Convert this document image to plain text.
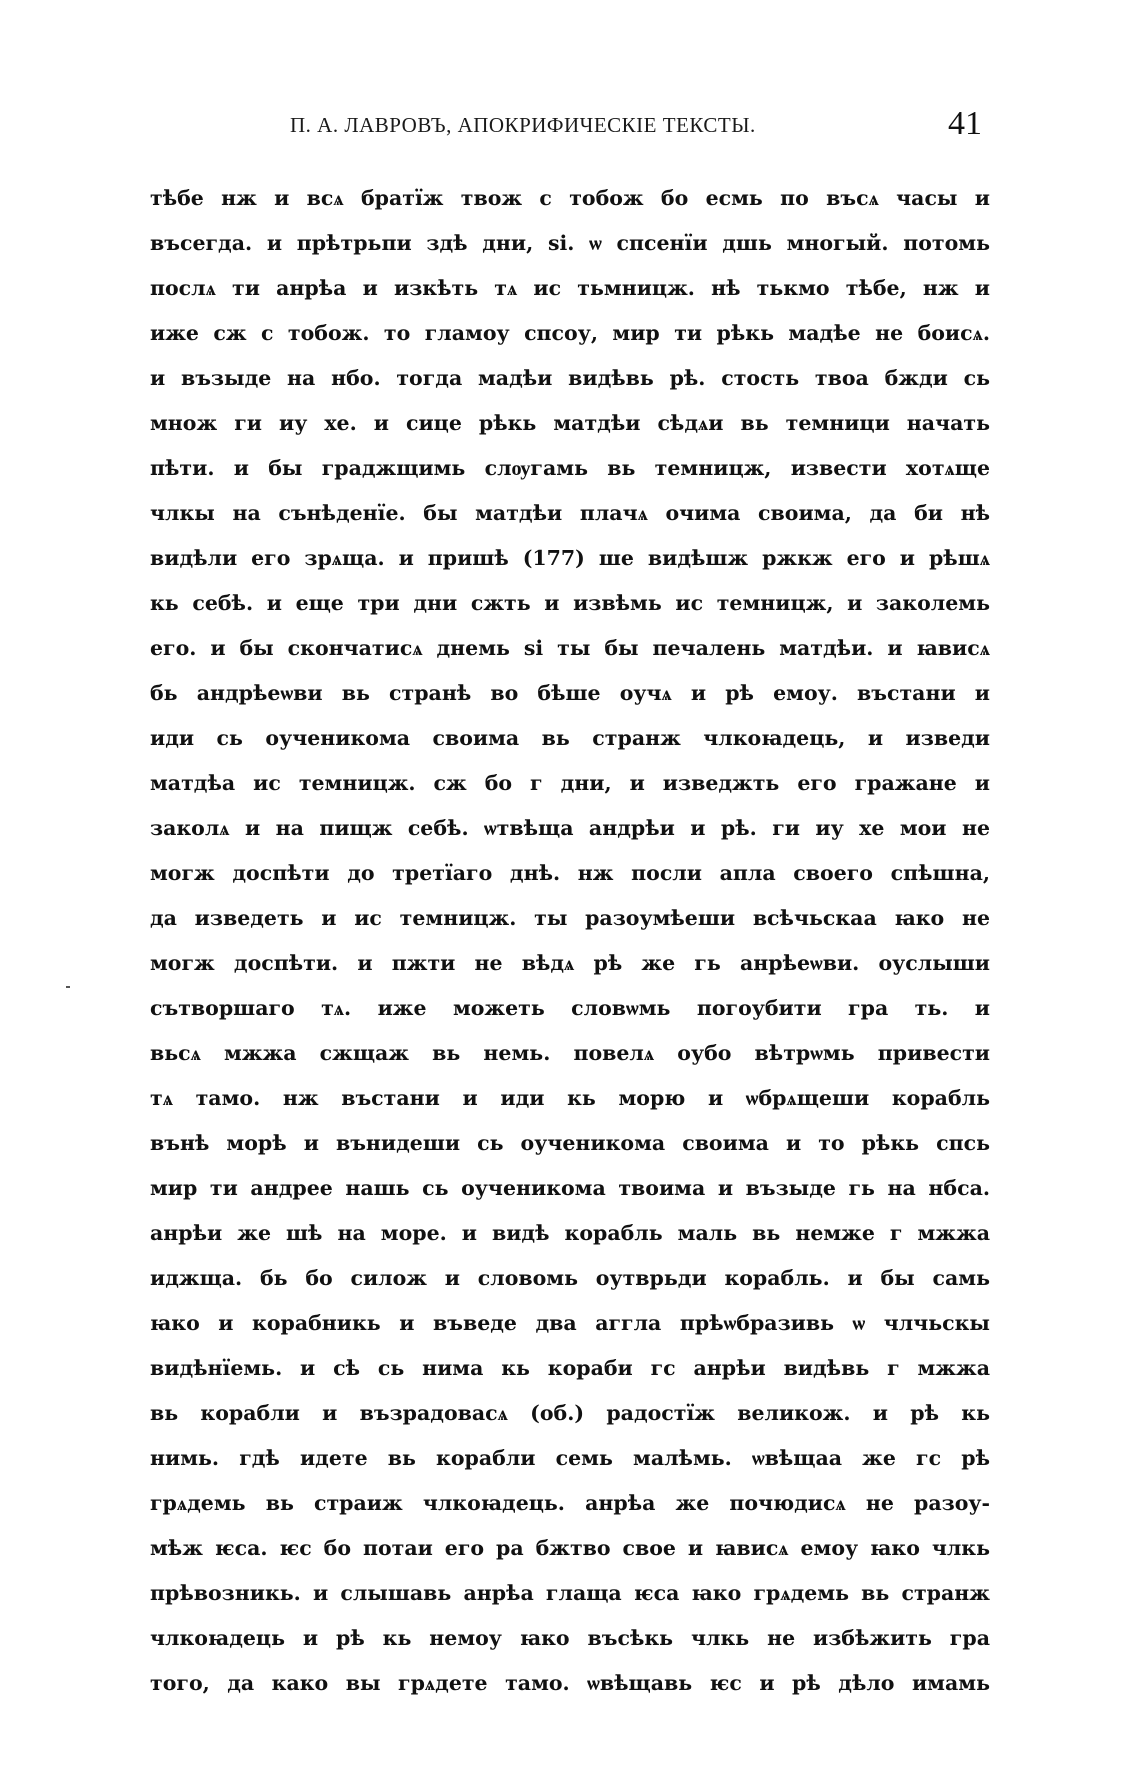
П. А. ЛАВРОВЪ, АПОКРИФИЧЕСКІЕ ТЕКСТЫ.	41
тѣбе нж и всѧ братїж твож с тобож бо есмь по въсѧ часы и
въсегда. и прѣтрьпи здѣ дни, ѕі. ѡ спсенїи дшь многый. потомь
послѧ ти анрѣа и изкѣть тѧ ис тьмницж. нѣ тькмо тѣбе, нж и
иже сж с тобож. то гламоу спсоу, мир ти рѣкь мадѣе не боисѧ.
и възыде на нбо. тогда мадѣи видѣвь рѣ. стость твоа бжди сь
множ ги иу хе. и сице рѣкь матдѣи сѣдѧи вь темници начать
пѣти. и бы граджщимь слѹгамь вь темницж, извести хотѧще
члкы на сънѣденїе. бы матдѣи плачѧ очима своима, да би нѣ
видѣли его зрѧща. и пришѣ (177) ше видѣшж ржкж его и рѣшѧ
кь себѣ. и еще три дни сжть и извѣмь ис темницж, и заколемь
его. и бы скончатисѧ днемь ѕі ты бы печалень матдѣи. и ꙗвисѧ
бь андрѣеѡви вь странѣ во бѣше оучѧ и рѣ емоу. въстани и
иди сь оученикома своима вь странж члкоꙗдець, и изведи
матдѣа ис темницж. сж бо г дни, и изведжть его гражане и
заколѧ и на пищж себѣ. ѡтвѣща андрѣи и рѣ. ги иу хе мои не
могж доспѣти до третїаго днѣ. нж посли апла своего спѣшна,
да изведеть и ис темницж. ты разоумѣеши всѣчьскаа ꙗко не
могж доспѣти. и пжти не вѣдѧ рѣ же гь анрѣеѡви. оуслыши
сътворшаго тѧ. иже можеть словѡмь погоубити гра ть. и
вьсѧ мжжа сжщаж вь немь. повелѧ оубо вѣтрѡмь привести
тѧ тамо. нж въстани и иди кь морю и ѡбрѧщеши корабль
вънѣ морѣ и вънидеши сь оученикома своима и то рѣкь спсь
мир ти андрее нашь сь оученикома твоима и възыде гь на нбса.
анрѣи же шѣ на море. и видѣ корабль маль вь немже г мжжа
иджща. бь бо силож и словомь оутврьди корабль. и бы самь
ꙗко и корабникь и въведе два аггла прѣѡбразивь ѡ члчьскы
видѣнїемь. и сѣ сь нима кь кораби гс анрѣи видѣвь г мжжа
вь корабли и възрадовасѧ (об.) радостїж великож. и рѣ кь
нимь. гдѣ идете вь корабли семь малѣмь. ѡвѣщаа же гс рѣ
грѧдемь вь страиж члкоꙗдець. анрѣа же почюдисѧ не разоу-
мѣж ѥса. ѥс бо потаи его ра бжтво свое и ꙗвисѧ емоу ꙗко члкь
прѣвозникь. и слышавь анрѣа глаща ѥса ꙗко грѧдемь вь странж
члкоꙗдець и рѣ кь немоу ꙗко въсѣкь члкь не избѣжить гра
того, да како вы грѧдете тамо. ѡвѣщавь ѥс и рѣ дѣло имамь
